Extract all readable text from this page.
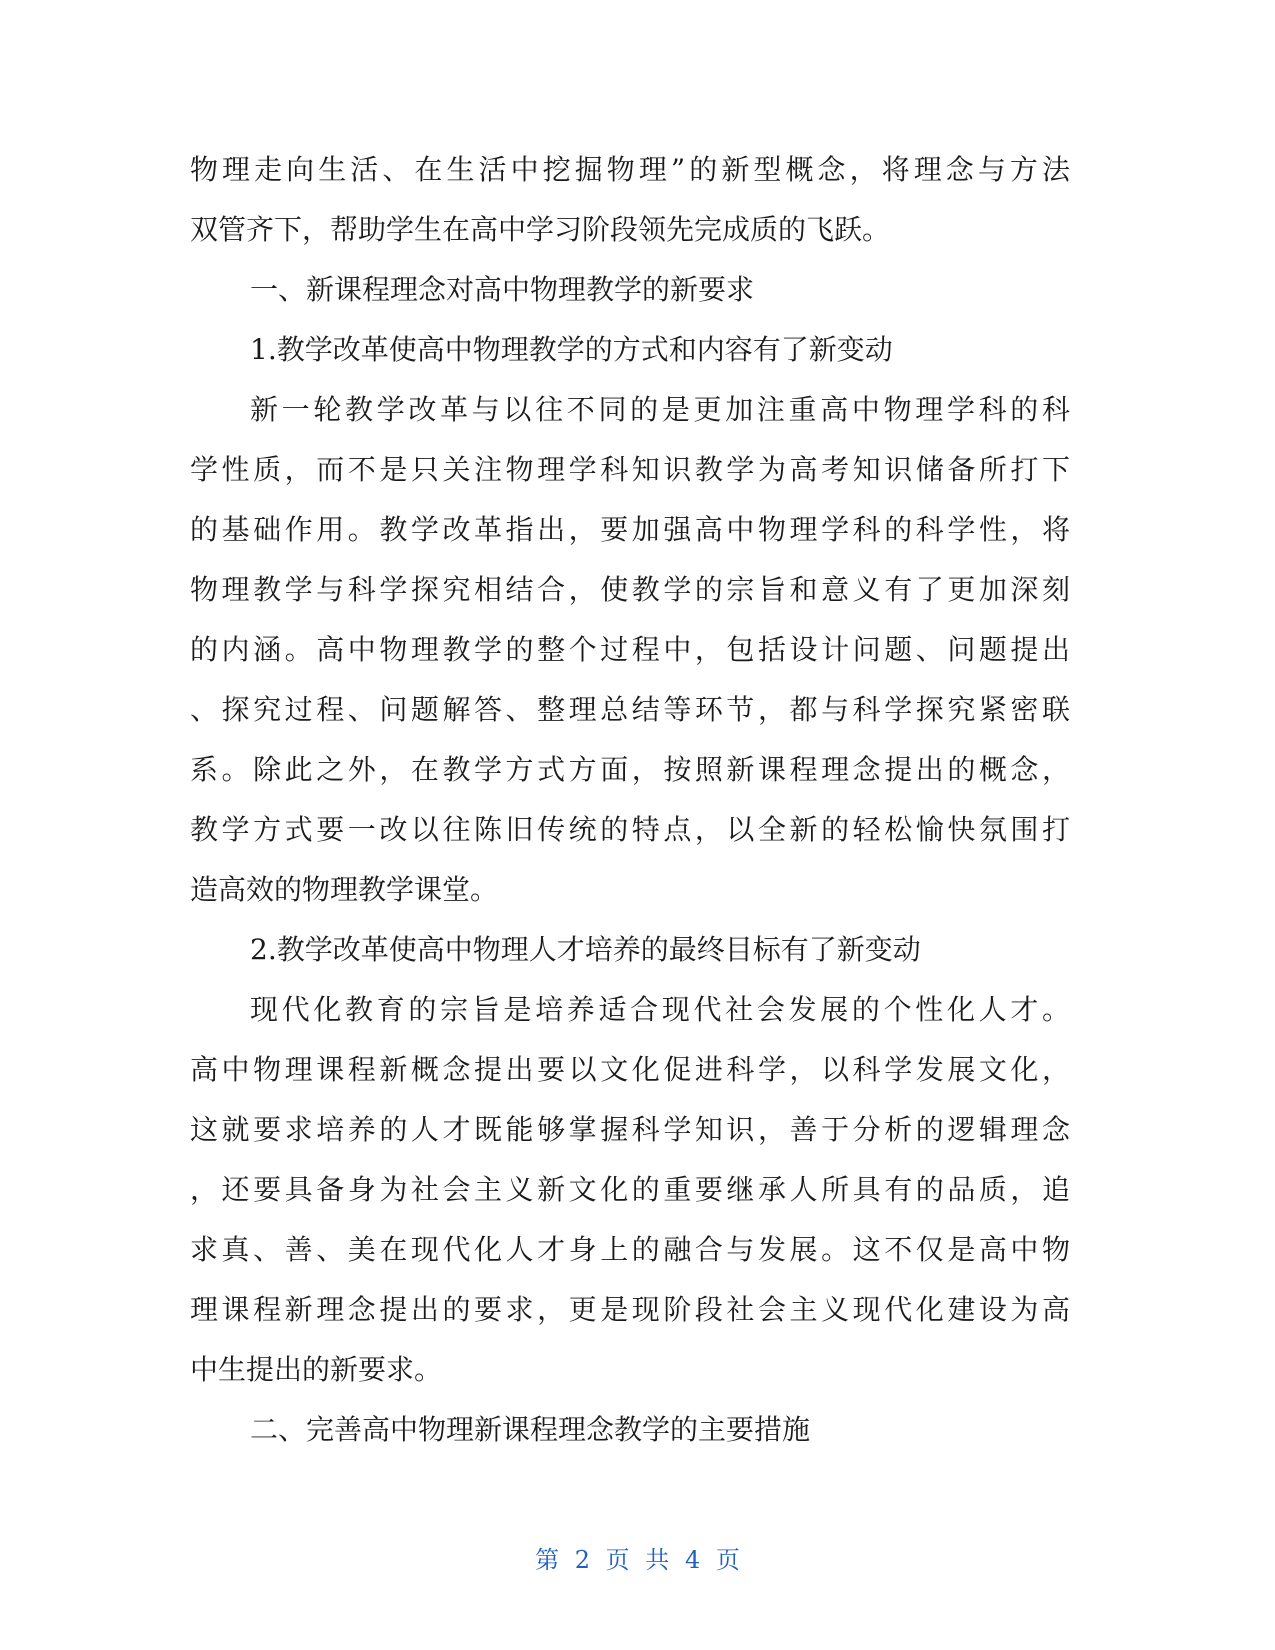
物理走向生活、在生活中挖掘物理”的新型概念，将理念与方法
双管齐下，帮助学生在高中学习阶段领先完成质的飞跃。
一、新课程理念对高中物理教学的新要求
1.教学改革使高中物理教学的方式和内容有了新变动
新一轮教学改革与以往不同的是更加注重高中物理学科的科
学性质，而不是只关注物理学科知识教学为高考知识储备所打下
的基础作用。教学改革指出，要加强高中物理学科的科学性，将
物理教学与科学探究相结合，使教学的宗旨和意义有了更加深刻
的内涵。高中物理教学的整个过程中，包括设计问题、问题提出
、探究过程、问题解答、整理总结等环节，都与科学探究紧密联
系。除此之外，在教学方式方面，按照新课程理念提出的概念，
教学方式要一改以往陈旧传统的特点，以全新的轻松愉快氛围打
造高效的物理教学课堂。
2.教学改革使高中物理人才培养的最终目标有了新变动
现代化教育的宗旨是培养适合现代社会发展的个性化人才。
高中物理课程新概念提出要以文化促进科学，以科学发展文化，
这就要求培养的人才既能够掌握科学知识，善于分析的逻辑理念
，还要具备身为社会主义新文化的重要继承人所具有的品质，追
求真、善、美在现代化人才身上的融合与发展。这不仅是高中物
理课程新理念提出的要求，更是现阶段社会主义现代化建设为高
中生提出的新要求。
二、完善高中物理新课程理念教学的主要措施
第 2 页 共 4 页
